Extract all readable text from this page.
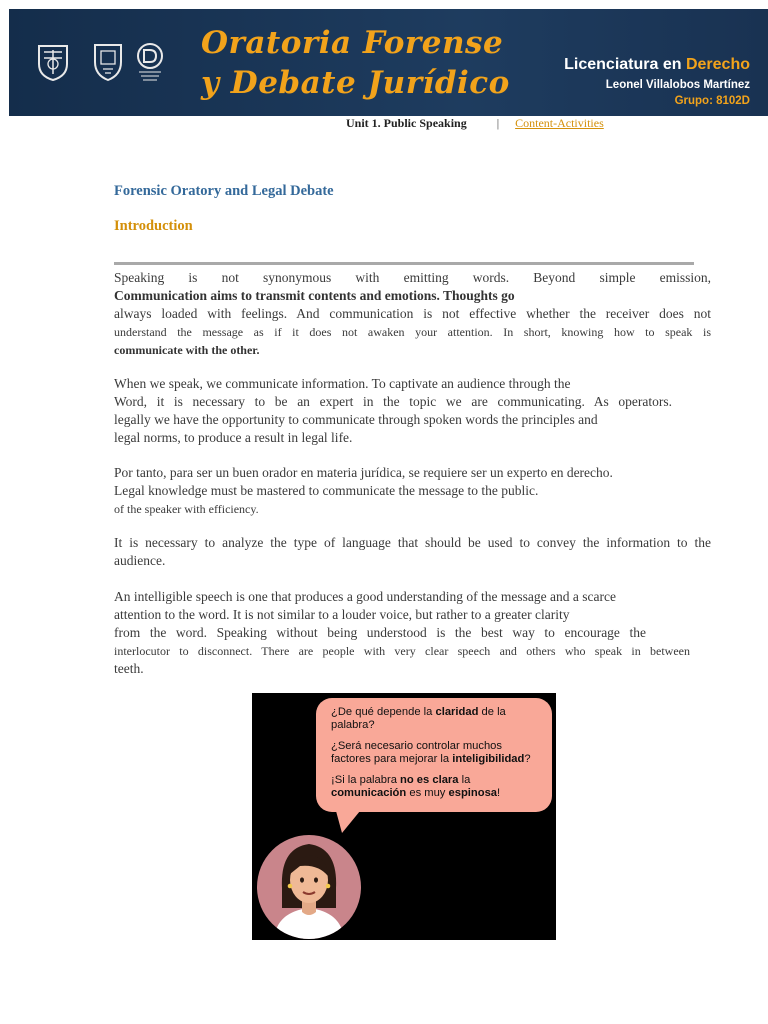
Oratoria Forense
y Debate Jurídico
Licenciatura en Derecho
Leonel Villalobos Martínez
Grupo: 8102D
Unit 1. Public Speaking	| Content-Activities
Forensic Oratory and Legal Debate
Introduction

Speaking is not synonymous with emitting words. Beyond simple emission,

Communication aims to transmit contents and emotions. Thoughts go

always loaded with feelings. And communication is not effective whether the receiver does not

understand the message as if it does not awaken your attention. In short, knowing how to speak is

communicate with the other.

When we speak, we communicate information. To captivate an audience through the

Word, it is necessary to be an expert in the topic we are communicating. As operators.

legally we have the opportunity to communicate through spoken words the principles and

legal norms, to produce a result in legal life.

Por tanto, para ser un buen orador en materia jurídica, se requiere ser un experto en derecho.

Legal knowledge must be mastered to communicate the message to the public.

of the speaker with efficiency.

It is necessary to analyze the type of language that should be used to convey the information to the

audience.

An intelligible speech is one that produces a good understanding of the message and a scarce

attention to the word. It is not similar to a louder voice, but rather to a greater clarity

from the word. Speaking without being understood is the best way to encourage the

interlocutor to disconnect. There are people with very clear speech and others who speak in between

teeth.

¿De qué depende la claridad de la palabra?

¿Será necesario controlar muchos factores para mejorar la inteligibilidad?

¡Si la palabra no es clara la comunicación es muy espinosa!
